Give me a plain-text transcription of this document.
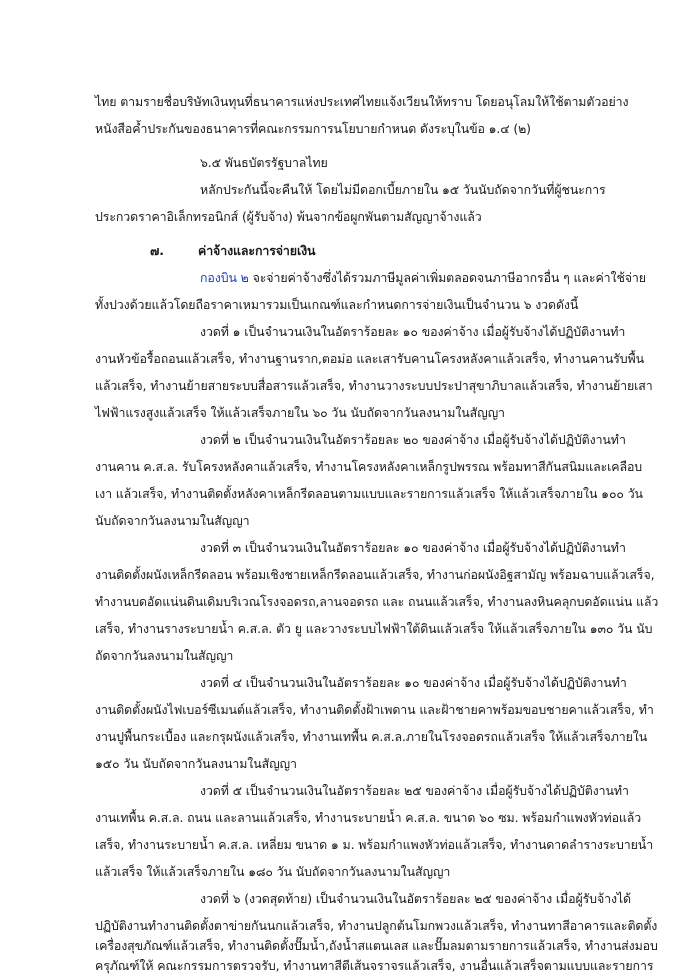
ไทย ตามรายชื่อบริษัทเงินทุนที่ธนาคารแห่งประเทศไทยแจ้งเวียนให้ทราบ โดยอนุโลมให้ใช้ตามตัวอย่าง
หนังสือค้ำประกันของธนาคารที่คณะกรรมการนโยบายกำหนด ดังระบุในข้อ ๑.๔ (๒)
๖.๕ พันธบัตรรัฐบาลไทย
หลักประกันนี้จะคืนให้ โดยไม่มีดอกเบี้ยภายใน ๑๕ วันนับถัดจากวันที่ผู้ชนะการ
ประกวดราคาอิเล็กทรอนิกส์ (ผู้รับจ้าง) พ้นจากข้อผูกพันตามสัญญาจ้างแล้ว
๗.	ค่าจ้างและการจ่ายเงิน
กองบิน ๒ จะจ่ายค่าจ้างซึ่งได้รวมภาษีมูลค่าเพิ่มตลอดจนภาษีอากรอื่น ๆ และค่าใช้จ่าย
ทั้งปวงด้วยแล้วโดยถือราคาเหมารวมเป็นเกณฑ์และกำหนดการจ่ายเงินเป็นจำนวน ๖ งวดดังนี้
งวดที่ ๑ เป็นจำนวนเงินในอัตราร้อยละ ๑๐ ของค่าจ้าง เมื่อผู้รับจ้างได้ปฏิบัติงานทำ
งานหัวข้อรื้อถอนแล้วเสร็จ, ทำงานฐานราก,ตอม่อ และเสารับคานโครงหลังคาแล้วเสร็จ, ทำงานคานรับพื้น
แล้วเสร็จ, ทำงานย้ายสายระบบสื่อสารแล้วเสร็จ, ทำงานวางระบบประปาสุขาภิบาลแล้วเสร็จ, ทำงานย้ายเสา
ไฟฟ้าแรงสูงแล้วเสร็จ ให้แล้วเสร็จภายใน ๖๐ วัน นับถัดจากวันลงนามในสัญญา
งวดที่ ๒ เป็นจำนวนเงินในอัตราร้อยละ ๒๐ ของค่าจ้าง เมื่อผู้รับจ้างได้ปฏิบัติงานทำ
งานคาน ค.ส.ล. รับโครงหลังคาแล้วเสร็จ, ทำงานโครงหลังคาเหล็กรูปพรรณ พร้อมทาสีกันสนิมและเคลือบ
เงา แล้วเสร็จ, ทำงานติดตั้งหลังคาเหล็กรีดลอนตามแบบและรายการแล้วเสร็จ ให้แล้วเสร็จภายใน ๑๐๐ วัน
นับถัดจากวันลงนามในสัญญา
งวดที่ ๓ เป็นจำนวนเงินในอัตราร้อยละ ๑๐ ของค่าจ้าง เมื่อผู้รับจ้างได้ปฏิบัติงานทำ
งานติดตั้งผนังเหล็กรีดลอน พร้อมเชิงชายเหล็กรีดลอนแล้วเสร็จ, ทำงานก่อผนังอิฐสามัญ พร้อมฉาบแล้วเสร็จ,
ทำงานบดอัดแน่นดินเดิมบริเวณโรงจอดรถ,ลานจอดรถ และ ถนนแล้วเสร็จ, ทำงานลงหินคลุกบดอัดแน่น แล้ว
เสร็จ, ทำงานรางระบายน้ำ ค.ส.ล. ตัว ยู และวางระบบไฟฟ้าใต้ดินแล้วเสร็จ ให้แล้วเสร็จภายใน ๑๓๐ วัน นับ
ถัดจากวันลงนามในสัญญา
งวดที่ ๔ เป็นจำนวนเงินในอัตราร้อยละ ๑๐ ของค่าจ้าง เมื่อผู้รับจ้างได้ปฏิบัติงานทำ
งานติดตั้งผนังไฟเบอร์ซีเมนต์แล้วเสร็จ, ทำงานติดตั้งฝ้าเพดาน และฝ้าชายคาพร้อมขอบชายคาแล้วเสร็จ, ทำ
งานปูพื้นกระเบื้อง และกรุผนังแล้วเสร็จ, ทำงานเทพื้น ค.ส.ล.ภายในโรงจอดรถแล้วเสร็จ ให้แล้วเสร็จภายใน
๑๕๐ วัน นับถัดจากวันลงนามในสัญญา
งวดที่ ๕ เป็นจำนวนเงินในอัตราร้อยละ ๒๕ ของค่าจ้าง เมื่อผู้รับจ้างได้ปฏิบัติงานทำ
งานเทพื้น ค.ส.ล. ถนน และลานแล้วเสร็จ, ทำงานระบายน้ำ ค.ส.ล. ขนาด ๖๐ ซม. พร้อมกำแพงหัวท่อแล้ว
เสร็จ, ทำงานระบายน้ำ ค.ส.ล. เหลี่ยม ขนาด ๑ ม. พร้อมกำแพงหัวท่อแล้วเสร็จ, ทำงานดาดลำรางระบายน้ำ
แล้วเสร็จ ให้แล้วเสร็จภายใน ๑๘๐ วัน นับถัดจากวันลงนามในสัญญา
งวดที่ ๖ (งวดสุดท้าย) เป็นจำนวนเงินในอัตราร้อยละ ๒๕ ของค่าจ้าง เมื่อผู้รับจ้างได้
ปฏิบัติงานทำงานติดตั้งตาข่ายกันนกแล้วเสร็จ, ทำงานปลูกต้นโมกพวงแล้วเสร็จ, ทำงานทาสีอาคารและติดตั้ง
เครื่องสุขภัณฑ์แล้วเสร็จ, ทำงานติดตั้งปั๊มน้ำ,ถังน้ำสแตนเลส และปั๊มลมตามรายการแล้วเสร็จ, ทำงานส่งมอบ
ครุภัณฑ์ให้ คณะกรรมการตรวจรับ, ทำงานทาสีตีเส้นจราจรแล้วเสร็จ, งานอื่นแล้วเสร็จตามแบบและรายการ
